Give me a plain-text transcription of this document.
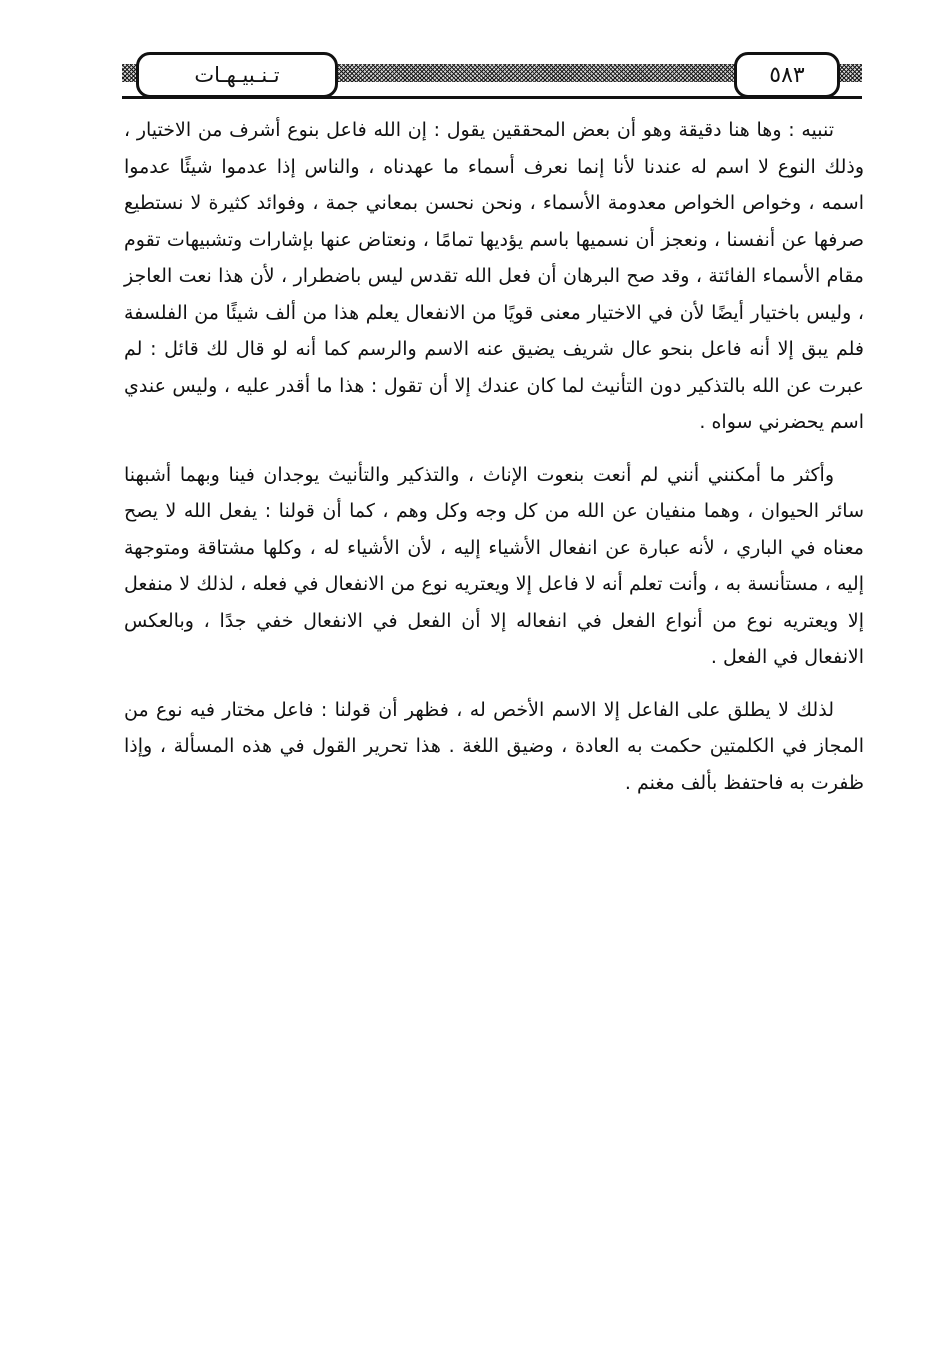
تـنـبيـهـات	٥٨٣

تنبيه : وها هنا دقيقة وهو أن بعض المحققين يقول : إن الله فاعل بنوع أشرف من الاختيار ، وذلك النوع لا اسم له عندنا لأنا إنما نعرف أسماء ما عهدناه ، والناس إذا عدموا شيئًا عدموا اسمه ، وخواص الخواص معدومة الأسماء ، ونحن نحسن بمعاني جمة ، وفوائد كثيرة لا نستطيع صرفها عن أنفسنا ، ونعجز أن نسميها باسم يؤديها تمامًا ، ونعتاض عنها بإشارات وتشبيهات تقوم مقام الأسماء الفائتة ، وقد صح البرهان أن فعل الله تقدس ليس باضطرار ، لأن هذا نعت العاجز ، وليس باختيار أيضًا لأن في الاختيار معنى قويًا من الانفعال يعلم هذا من ألف شيئًا من الفلسفة فلم يبق إلا أنه فاعل بنحو عال شريف يضيق عنه الاسم والرسم كما أنه لو قال لك قائل : لم عبرت عن الله بالتذكير دون التأنيث لما كان عندك إلا أن تقول : هذا ما أقدر عليه ، وليس عندي اسم يحضرني سواه .

وأكثر ما أمكنني أنني لم أنعت بنعوت الإناث ، والتذكير والتأنيث يوجدان فينا وبهما أشبهنا سائر الحيوان ، وهما منفيان عن الله من كل وجه وكل وهم ، كما أن قولنا : يفعل الله لا يصح معناه في الباري ، لأنه عبارة عن انفعال الأشياء إليه ، لأن الأشياء له ، وكلها مشتاقة ومتوجهة إليه ، مستأنسة به ، وأنت تعلم أنه لا فاعل إلا ويعتريه نوع من الانفعال في فعله ، لذلك لا منفعل إلا ويعتريه نوع من أنواع الفعل في انفعاله إلا أن الفعل في الانفعال خفي جدًا ، وبالعكس الانفعال في الفعل .

لذلك لا يطلق على الفاعل إلا الاسم الأخص له ، فظهر أن قولنا : فاعل مختار فيه نوع من المجاز في الكلمتين حكمت به العادة ، وضيق اللغة . هذا تحرير القول في هذه المسألة ، وإذا ظفرت به فاحتفظ بألف مغنم .
